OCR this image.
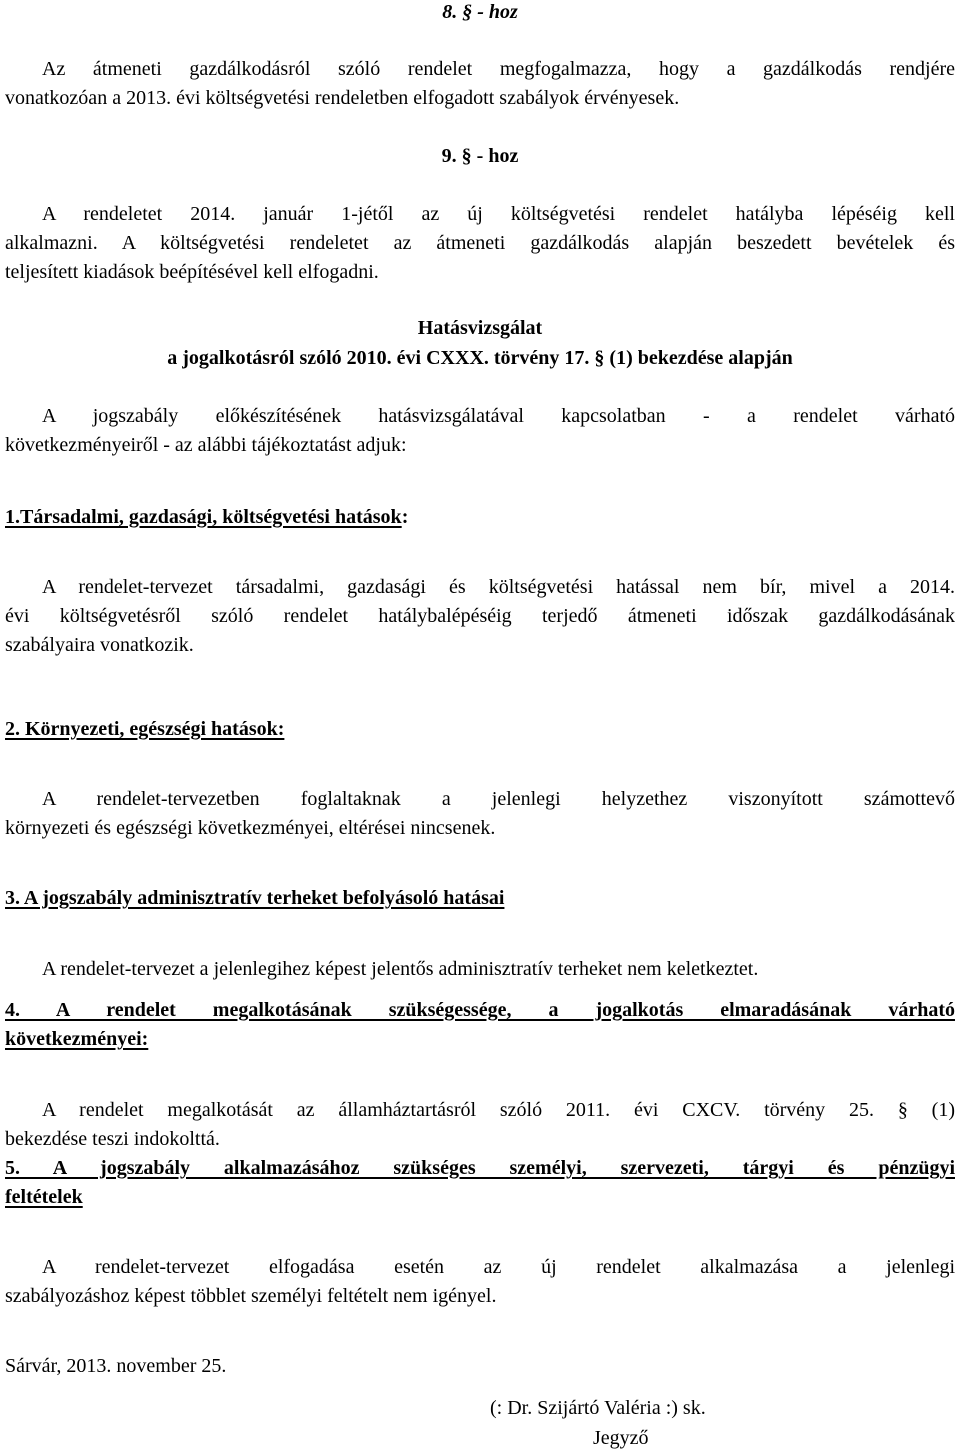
8. § - hoz
Az átmeneti gazdálkodásról szóló rendelet megfogalmazza, hogy a gazdálkodás rendjére
vonatkozóan a 2013. évi költségvetési rendeletben elfogadott szabályok érvényesek.
9. § - hoz
A rendeletet 2014. január 1-jétől az új költségvetési rendelet hatályba lépéséig kell
alkalmazni. A költségvetési rendeletet az átmeneti gazdálkodás alapján beszedett bevételek és
teljesített kiadások beépítésével kell elfogadni.
Hatásvizsgálat
a jogalkotásról szóló 2010. évi CXXX. törvény 17. § (1) bekezdése alapján
A jogszabály előkészítésének hatásvizsgálatával kapcsolatban - a rendelet várható
következményeiről - az alábbi tájékoztatást adjuk:
1.Társadalmi, gazdasági, költségvetési hatások:
A rendelet-tervezet társadalmi, gazdasági és költségvetési hatással nem bír, mivel a 2014.
évi költségvetésről szóló rendelet hatálybalépéséig terjedő átmeneti időszak gazdálkodásának
szabályaira vonatkozik.
2. Környezeti, egészségi hatások:
A rendelet-tervezetben foglaltaknak a jelenlegi helyzethez viszonyított számottevő
környezeti és egészségi következményei, eltérései nincsenek.
3. A jogszabály adminisztratív terheket befolyásoló hatásai
A rendelet-tervezet a jelenlegihez képest jelentős adminisztratív terheket nem keletkeztet.
4. A rendelet megalkotásának szükségessége, a jogalkotás elmaradásának várható
következményei:
A rendelet megalkotását az államháztartásról szóló 2011. évi CXCV. törvény 25. § (1)
bekezdése teszi indokolttá.
5. A jogszabály alkalmazásához szükséges személyi, szervezeti, tárgyi és pénzügyi
feltételek
A rendelet-tervezet elfogadása esetén az új rendelet alkalmazása a jelenlegi
szabályozáshoz képest többlet személyi feltételt nem igényel.
Sárvár, 2013. november 25.
(: Dr. Szijártó Valéria :) sk.
Jegyző
